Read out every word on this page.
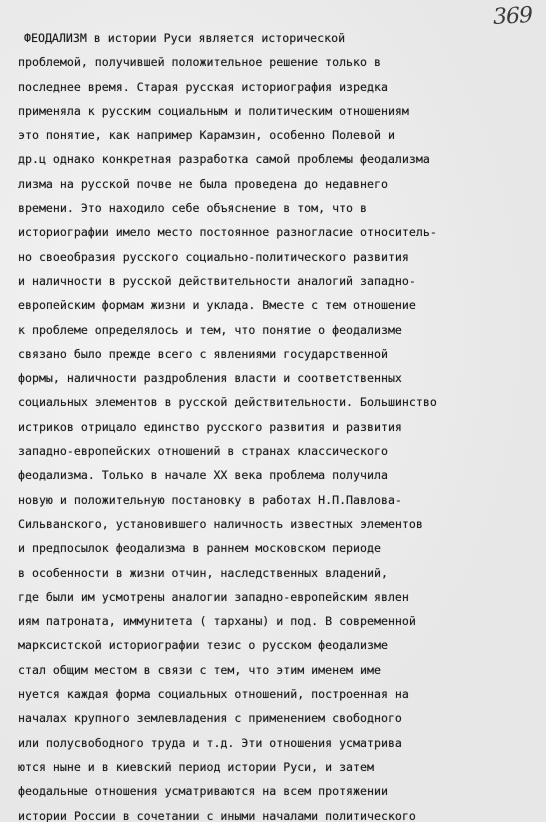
369
ФЕОДАЛИЗМ в истории Руси является исторической
проблемой, получившей положительное решение только в
последнее время. Старая русская историография изредка
применяла к русским социальным и политическим отношениям
это понятие, как например Карамзин, особенно Полевой и
др.ц однако конкретная разработка самой проблемы феодализма
лизма на русской почве не была проведена до недавнего
времени. Это находило себе объяснение в том, что в
историографии имело место постоянное разногласие относитель-
но своеобразия русского социально-политического развития
и наличности в русской действительности аналогий западно-
европейским формам жизни и уклада. Вместе с тем отношение
к проблеме определялось и тем, что понятие о феодализме
связано было прежде всего с явлениями государственной
формы, наличности раздробления власти и соответственных
социальных элементов в русской действительности. Большинство
истриков отрицало единство русского развития и развития
западно-европейских отношений в странах классического
феодализма. Только в начале XX века проблема получила
новую и положительную постановку в работах Н.П.Павлова-
Сильванского, установившего наличность известных элементов
и предпосылок феодализма в раннем московском периоде
в особенности в жизни отчин, наследственных владений,
где были им усмотрены аналогии западно-европейским явлен
иям патроната, иммунитета ( тарханы) и под. В современной
марксистской историографии тезис о русском феодализме
стал общим местом в связи с тем, что этим именем име
нуется каждая форма социальных отношений, построенная на
началах крупного землевладения с применением свободного
или полусвободного труда и т.д. Эти отношения усматрива
ются ныне и в киевский период истории Руси, и затем
феодальные отношения усматриваются на всем протяжении
истории России в сочетании с иными началами политического
